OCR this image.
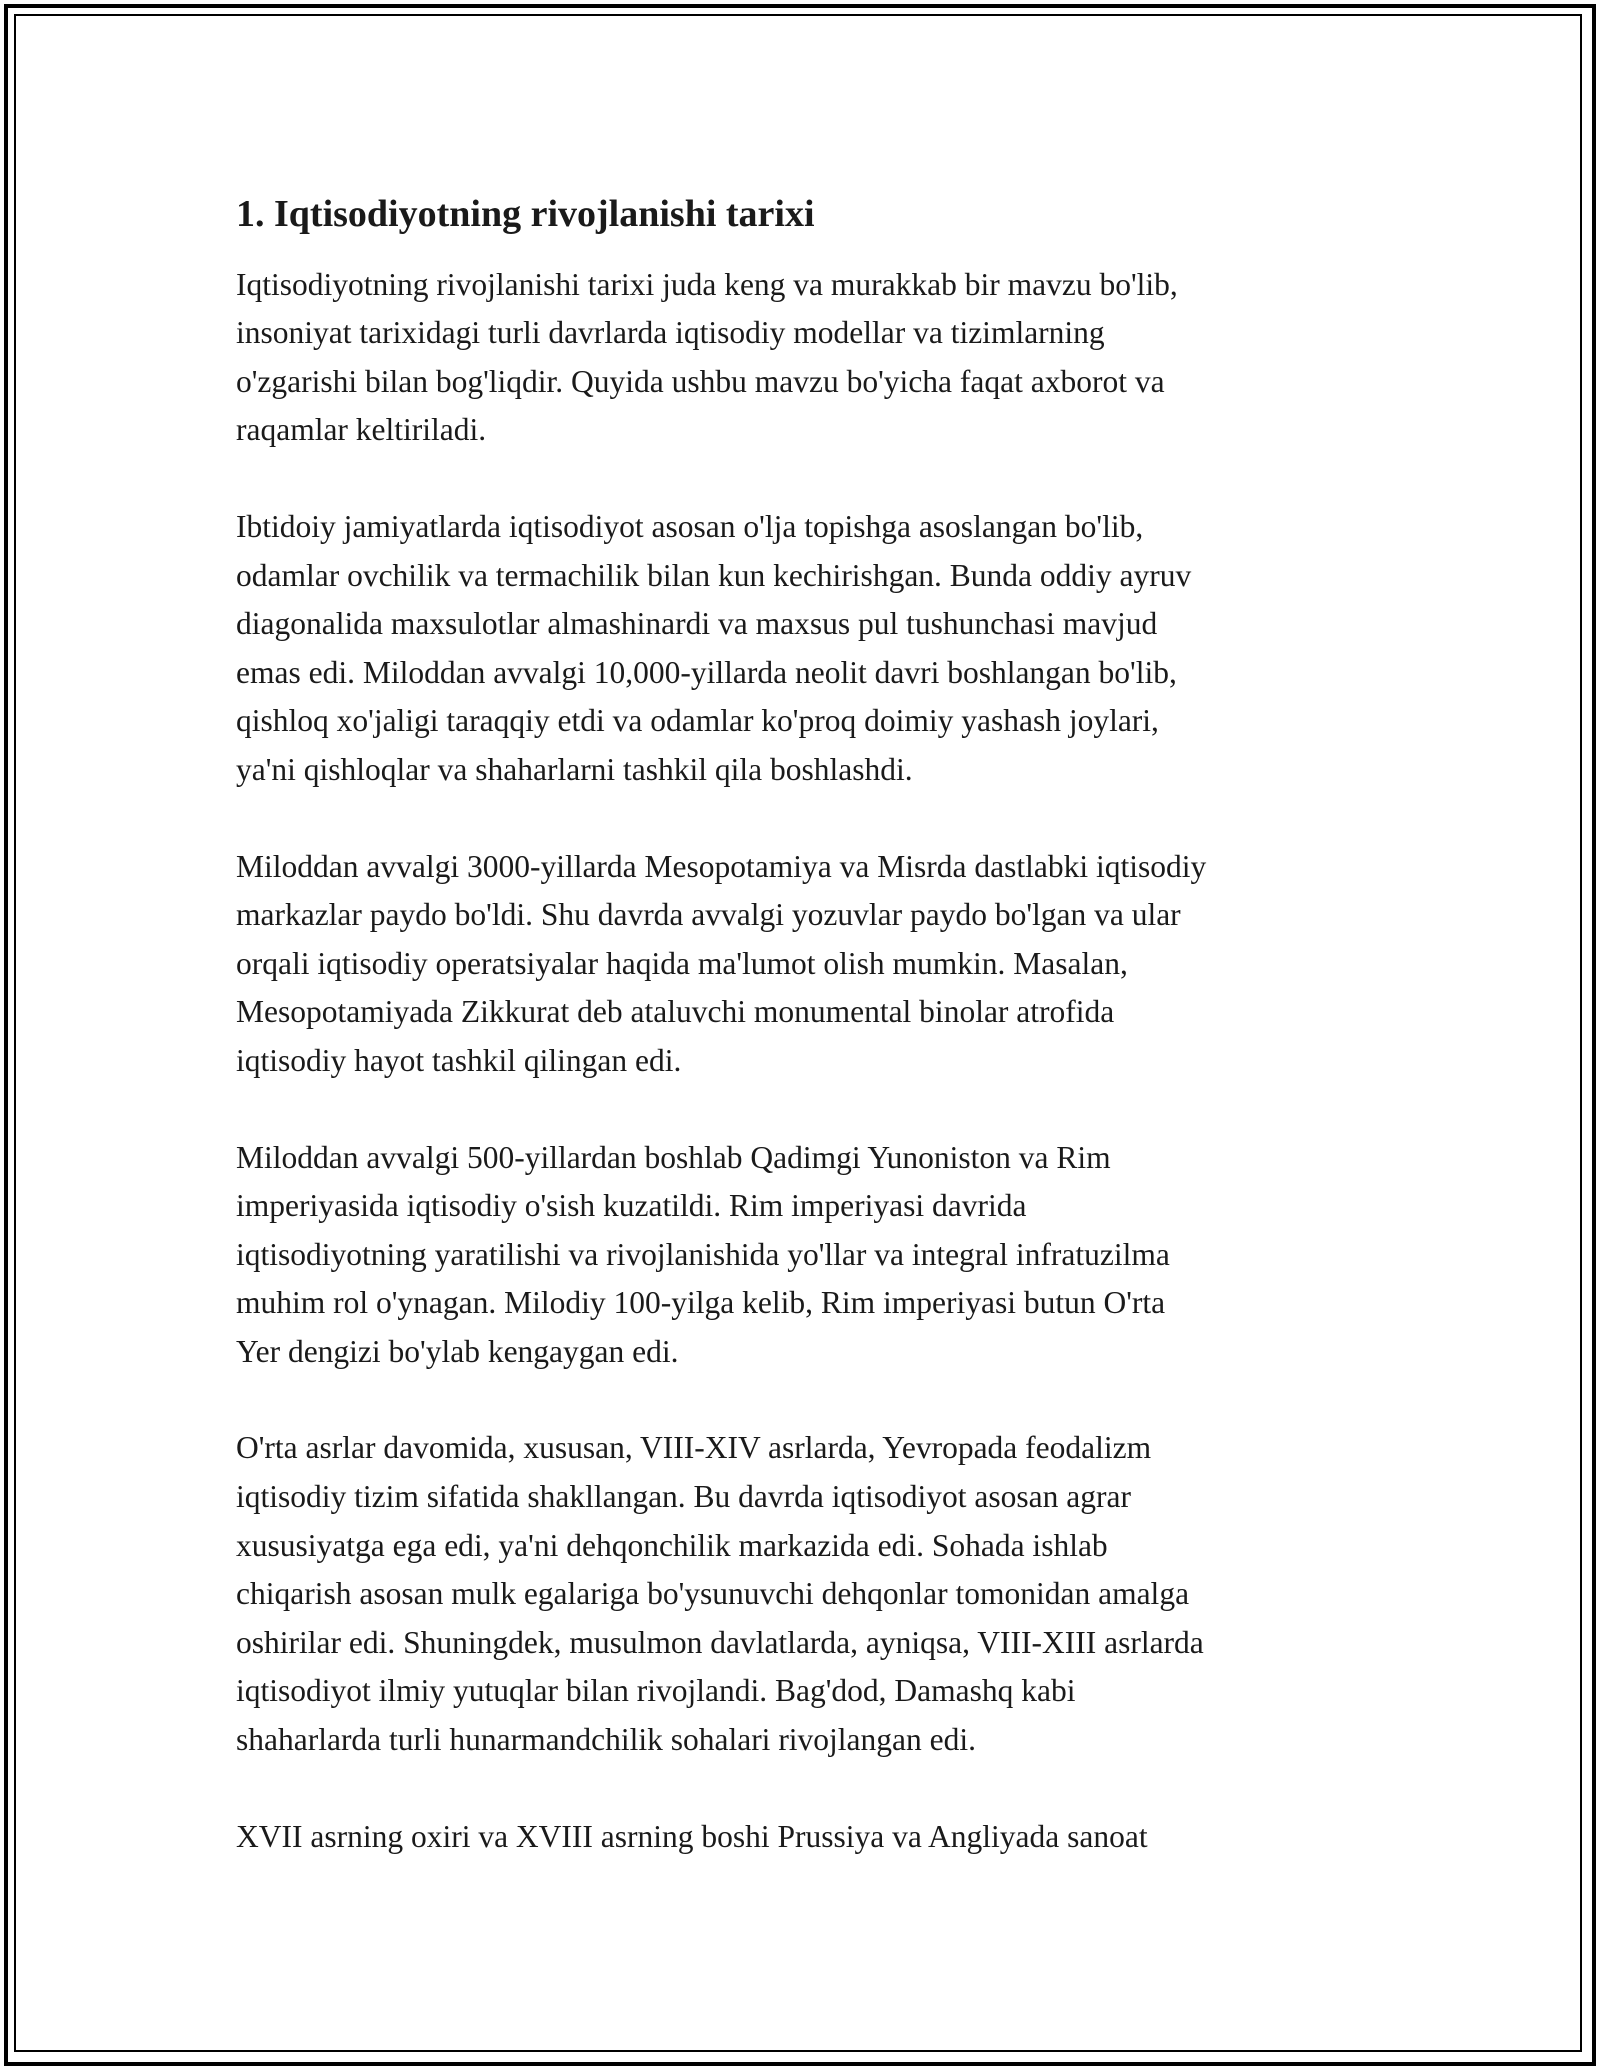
1. Iqtisodiyotning rivojlanishi tarixi

Iqtisodiyotning rivojlanishi tarixi juda keng va murakkab bir mavzu bo'lib,
insoniyat tarixidagi turli davrlarda iqtisodiy modellar va tizimlarning
o'zgarishi bilan bog'liqdir. Quyida ushbu mavzu bo'yicha faqat axborot va
raqamlar keltiriladi.

Ibtidoiy jamiyatlarda iqtisodiyot asosan o'lja topishga asoslangan bo'lib,
odamlar ovchilik va termachilik bilan kun kechirishgan. Bunda oddiy ayruv
diagonalida maxsulotlar almashinardi va maxsus pul tushunchasi mavjud
emas edi. Miloddan avvalgi 10,000-yillarda neolit davri boshlangan bo'lib,
qishloq xo'jaligi taraqqiy etdi va odamlar ko'proq doimiy yashash joylari,
ya'ni qishloqlar va shaharlarni tashkil qila boshlashdi.

Miloddan avvalgi 3000-yillarda Mesopotamiya va Misrda dastlabki iqtisodiy
markazlar paydo bo'ldi. Shu davrda avvalgi yozuvlar paydo bo'lgan va ular
orqali iqtisodiy operatsiyalar haqida ma'lumot olish mumkin. Masalan,
Mesopotamiyada Zikkurat deb ataluvchi monumental binolar atrofida
iqtisodiy hayot tashkil qilingan edi.

Miloddan avvalgi 500-yillardan boshlab Qadimgi Yunoniston va Rim
imperiyasida iqtisodiy o'sish kuzatildi. Rim imperiyasi davrida
iqtisodiyotning yaratilishi va rivojlanishida yo'llar va integral infratuzilma
muhim rol o'ynagan. Milodiy 100-yilga kelib, Rim imperiyasi butun O'rta
Yer dengizi bo'ylab kengaygan edi.

O'rta asrlar davomida, xususan, VIII-XIV asrlarda, Yevropada feodalizm
iqtisodiy tizim sifatida shakllangan. Bu davrda iqtisodiyot asosan agrar
xususiyatga ega edi, ya'ni dehqonchilik markazida edi. Sohada ishlab
chiqarish asosan mulk egalariga bo'ysunuvchi dehqonlar tomonidan amalga
oshirilar edi. Shuningdek, musulmon davlatlarda, ayniqsa, VIII-XIII asrlarda
iqtisodiyot ilmiy yutuqlar bilan rivojlandi. Bag'dod, Damashq kabi
shaharlarda turli hunarmandchilik sohalari rivojlangan edi.

XVII asrning oxiri va XVIII asrning boshi Prussiya va Angliyada sanoat
